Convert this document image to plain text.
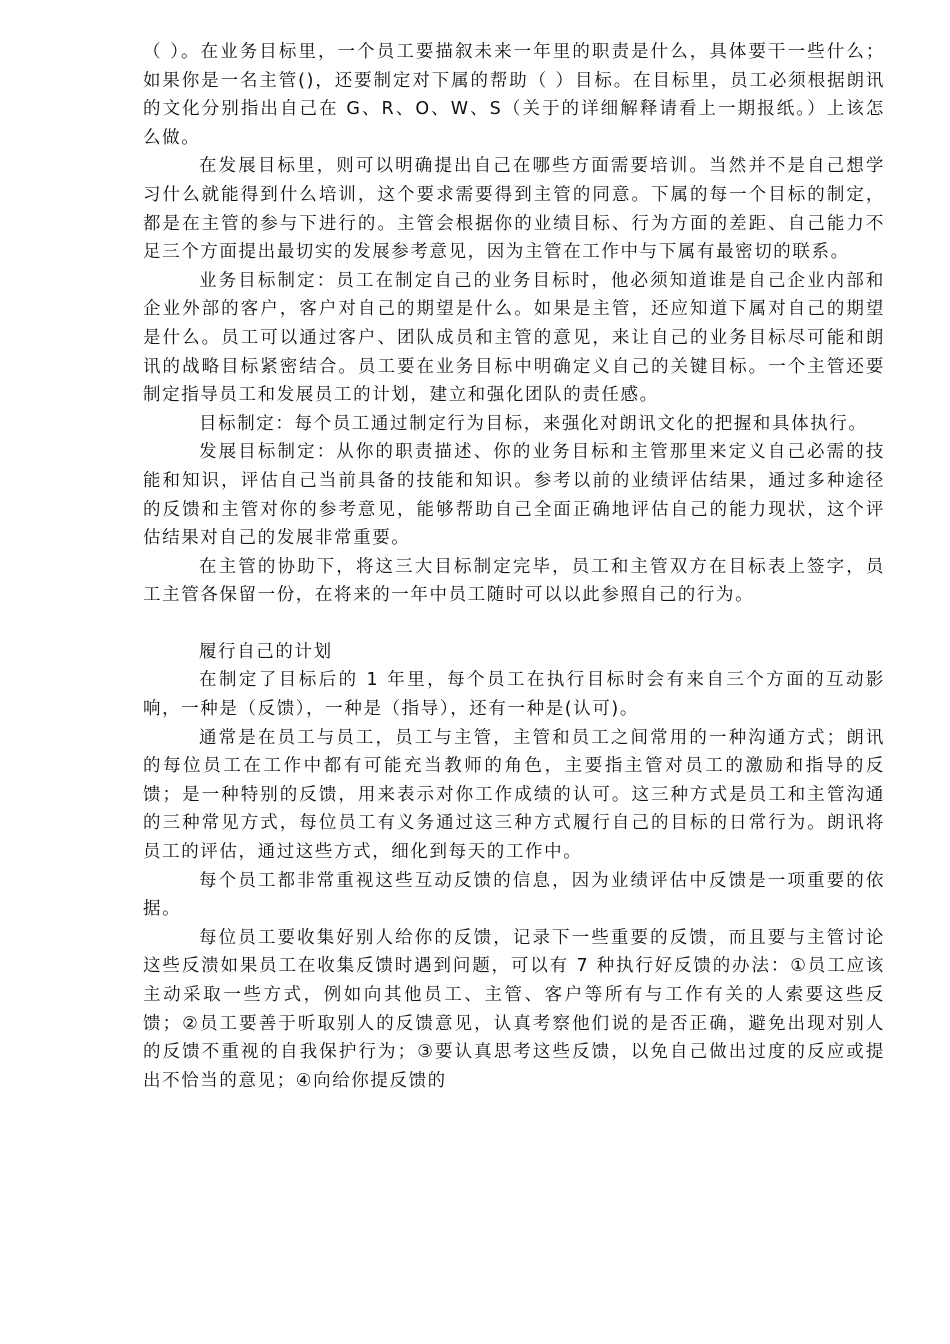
（ ）。在业务目标里，一个员工要描叙未来一年里的职责是什么，具体要干一些什么；如果你是一名主管()，还要制定对下属的帮助（ ）目标。在目标里，员工必须根据朗讯的文化分别指出自己在 G、R、O、W、S（关于的详细解释请看上一期报纸。）上该怎么做。

在发展目标里，则可以明确提出自己在哪些方面需要培训。当然并不是自己想学习什么就能得到什么培训，这个要求需要得到主管的同意。下属的每一个目标的制定，都是在主管的参与下进行的。主管会根据你的业绩目标、行为方面的差距、自己能力不足三个方面提出最切实的发展参考意见，因为主管在工作中与下属有最密切的联系。

业务目标制定：员工在制定自己的业务目标时，他必须知道谁是自己企业内部和企业外部的客户，客户对自己的期望是什么。如果是主管，还应知道下属对自己的期望是什么。员工可以通过客户、团队成员和主管的意见，来让自己的业务目标尽可能和朗讯的战略目标紧密结合。员工要在业务目标中明确定义自己的关键目标。一个主管还要制定指导员工和发展员工的计划，建立和强化团队的责任感。

目标制定：每个员工通过制定行为目标，来强化对朗讯文化的把握和具体执行。

发展目标制定：从你的职责描述、你的业务目标和主管那里来定义自己必需的技能和知识，评估自己当前具备的技能和知识。参考以前的业绩评估结果，通过多种途径的反馈和主管对你的参考意见，能够帮助自己全面正确地评估自己的能力现状，这个评估结果对自己的发展非常重要。

在主管的协助下，将这三大目标制定完毕，员工和主管双方在目标表上签字，员工主管各保留一份，在将来的一年中员工随时可以以此参照自己的行为。

履行自己的计划

在制定了目标后的 1 年里，每个员工在执行目标时会有来自三个方面的互动影响，一种是（反馈），一种是（指导），还有一种是(认可)。

通常是在员工与员工，员工与主管，主管和员工之间常用的一种沟通方式；朗讯的每位员工在工作中都有可能充当教师的角色，主要指主管对员工的激励和指导的反馈；是一种特别的反馈，用来表示对你工作成绩的认可。这三种方式是员工和主管沟通的三种常见方式，每位员工有义务通过这三种方式履行自己的目标的日常行为。朗讯将员工的评估，通过这些方式，细化到每天的工作中。

每个员工都非常重视这些互动反馈的信息，因为业绩评估中反馈是一项重要的依据。

每位员工要收集好别人给你的反馈，记录下一些重要的反馈，而且要与主管讨论这些反溃如果员工在收集反馈时遇到问题，可以有 7 种执行好反馈的办法：①员工应该主动采取一些方式，例如向其他员工、主管、客户等所有与工作有关的人索要这些反馈；②员工要善于听取别人的反馈意见，认真考察他们说的是否正确，避免出现对别人的反馈不重视的自我保护行为；③要认真思考这些反馈，以免自己做出过度的反应或提出不恰当的意见；④向给你提反馈的
